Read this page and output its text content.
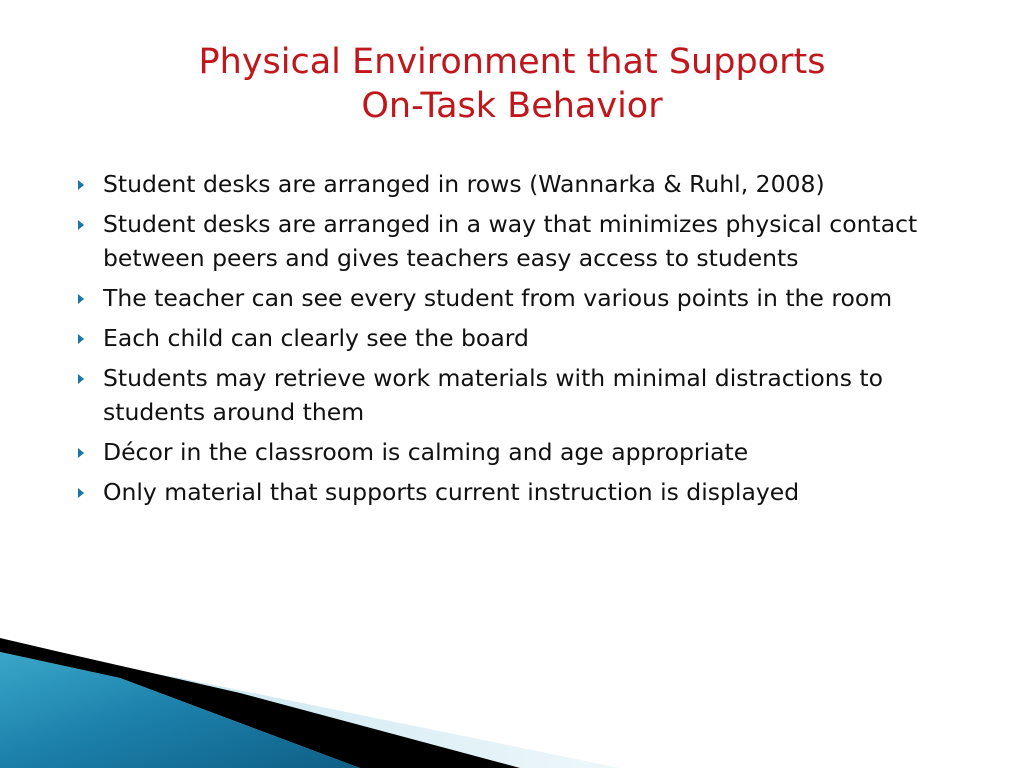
Physical Environment that Supports
On-Task Behavior
Student desks are arranged in rows (Wannarka & Ruhl, 2008)
Student desks are arranged in a way that minimizes physical contact between peers and gives teachers easy access to students
The teacher can see every student from various points in the room
Each child can clearly see the board
Students may retrieve work materials with minimal distractions to students around them
Décor in the classroom is calming and age appropriate
Only material that supports current instruction is displayed
